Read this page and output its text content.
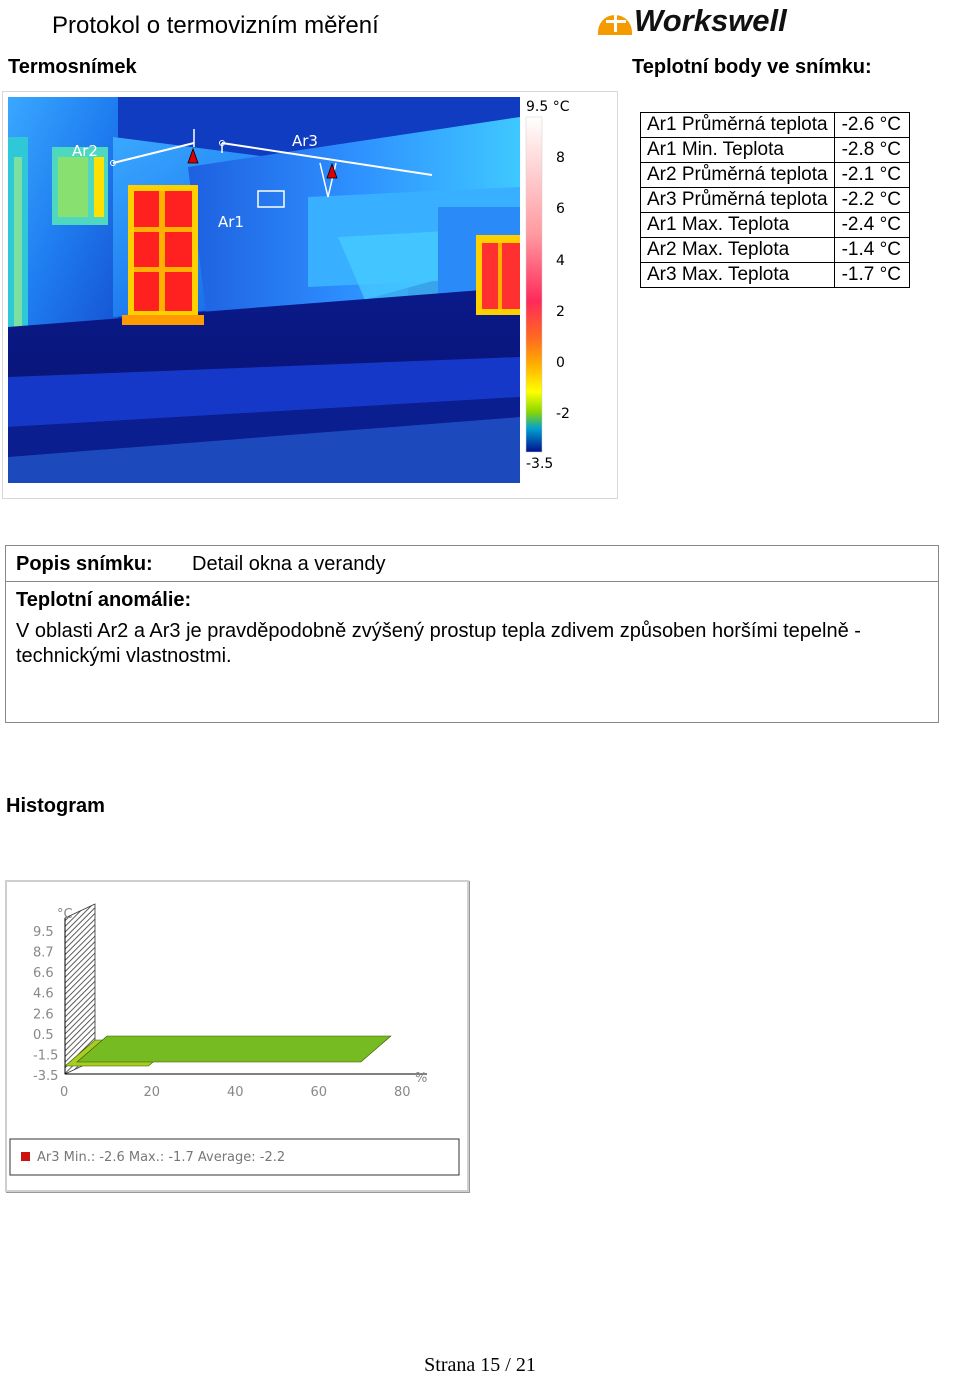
Protokol o termovizním měření	Workswell
Termosnímek	Teplotní body ve snímku:
Ar2
Ar3
Ar1
9.5 °C
8
6
4
2
0
-2
-3.5
Ar1 Průměrná teplota	-2.6 °C
Ar1 Min. Teplota	-2.8 °C
Ar2 Průměrná teplota	-2.1 °C
Ar3 Průměrná teplota	-2.2 °C
Ar1 Max. Teplota	-2.4 °C
Ar2 Max. Teplota	-1.4 °C
Ar3 Max. Teplota	-1.7 °C
Popis snímku: Detail okna a verandy
Teplotní anomálie:
V oblasti Ar2 a Ar3 je pravděpodobně zvýšený prostup tepla zdivem způsoben horšími tepelně - technickými vlastnostmi.
Histogram
9.5
8.7
6.6
4.6
2.6
0.5
-1.5
-3.5
°C
0	20	40	60	80
%
Ar3 Min.: -2.6 Max.: -1.7 Average: -2.2
Strana 15 / 21
